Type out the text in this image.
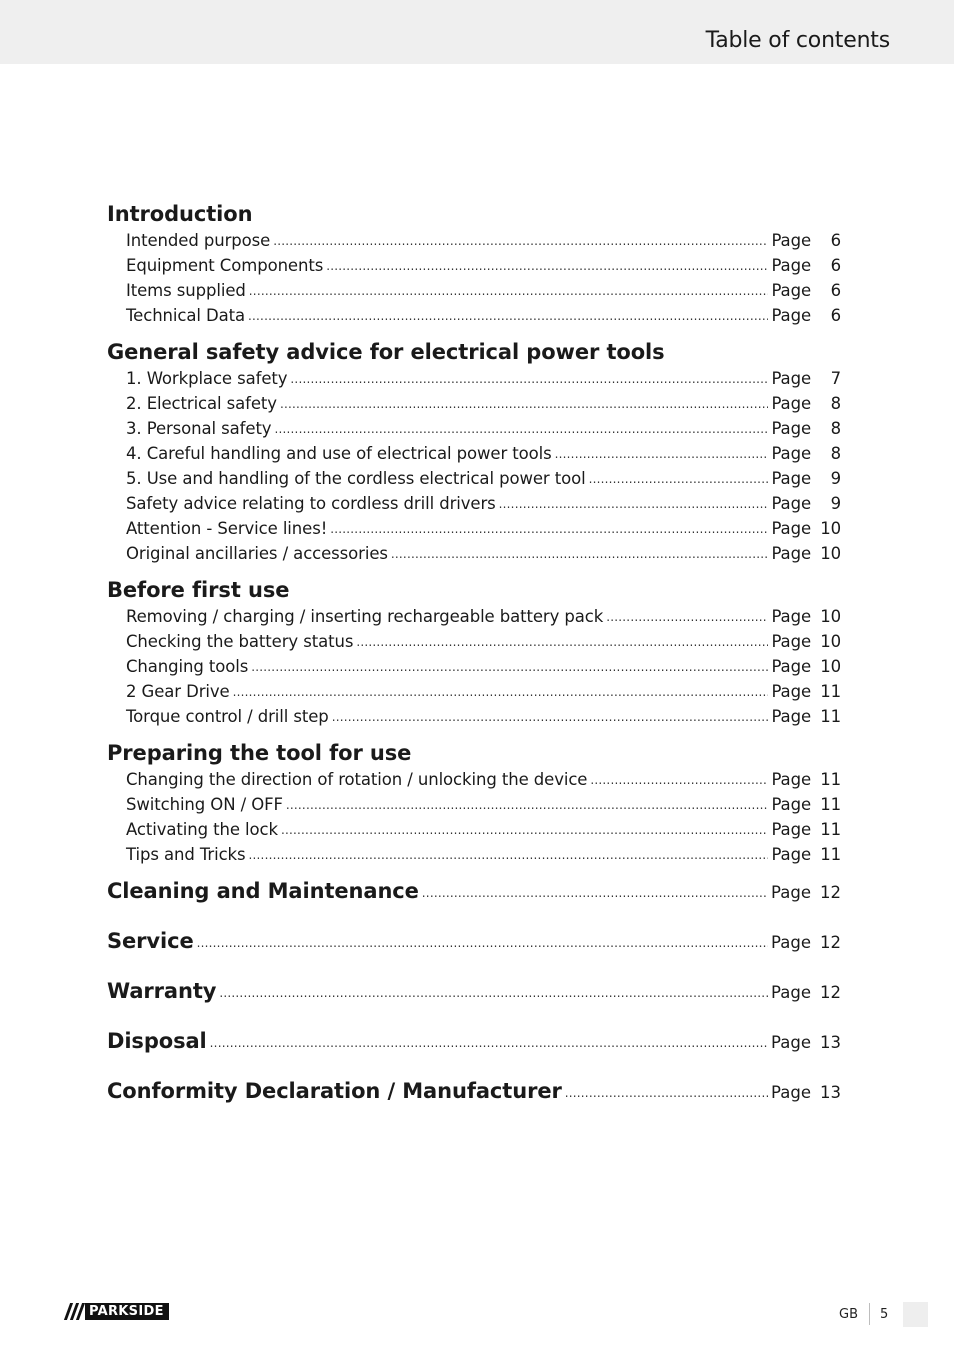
Table of contents
Introduction
Intended purpose .....	Page	6
Equipment Components .....	Page	6
Items supplied .....	Page	6
Technical Data .....	Page	6
General safety advice for electrical power tools
1. Workplace safety .....	Page	7
2. Electrical safety .....	Page	8
3. Personal safety .....	Page	8
4. Careful handling and use of electrical power tools .....	Page	8
5. Use and handling of the cordless electrical power tool .....	Page	9
Safety advice relating to cordless drill drivers .....	Page	9
Attention - Service lines! .....	Page 10
Original ancillaries / accessories .....	Page 10
Before first use
Removing / charging / inserting rechargeable battery pack .....	Page 10
Checking the battery status .....	Page 10
Changing tools .....	Page 10
2 Gear Drive .....	Page 11
Torque control / drill step .....	Page 11
Preparing the tool for use
Changing the direction of rotation / unlocking the device .....	Page 11
Switching ON / OFF .....	Page 11
Activating the lock .....	Page 11
Tips and Tricks .....	Page 11
Cleaning and Maintenance .....	Page 12
Service .....	Page 12
Warranty .....	Page 12
Disposal .....	Page 13
Conformity Declaration / Manufacturer .....	Page 13
PARKSIDE	GB 5
